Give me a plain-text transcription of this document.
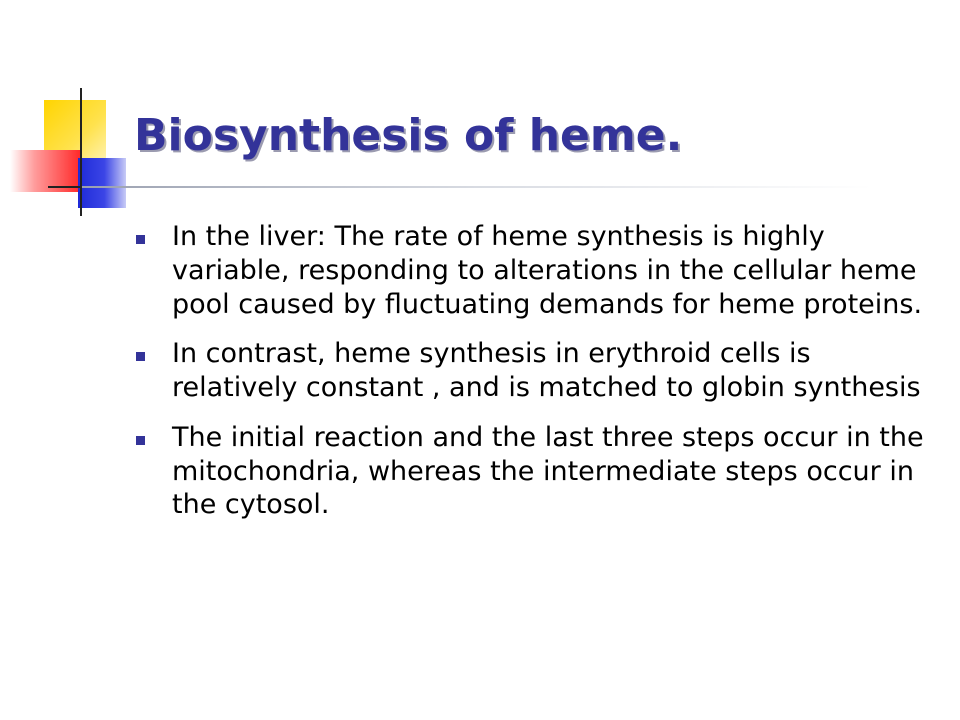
Biosynthesis of heme.
In the liver: The rate of heme synthesis is highly variable, responding to alterations in the cellular heme pool caused by fluctuating demands for heme proteins.
In contrast, heme synthesis in erythroid cells is relatively constant , and is matched to globin synthesis
The initial reaction and the last three steps occur in the mitochondria, whereas the intermediate steps occur in the cytosol.
